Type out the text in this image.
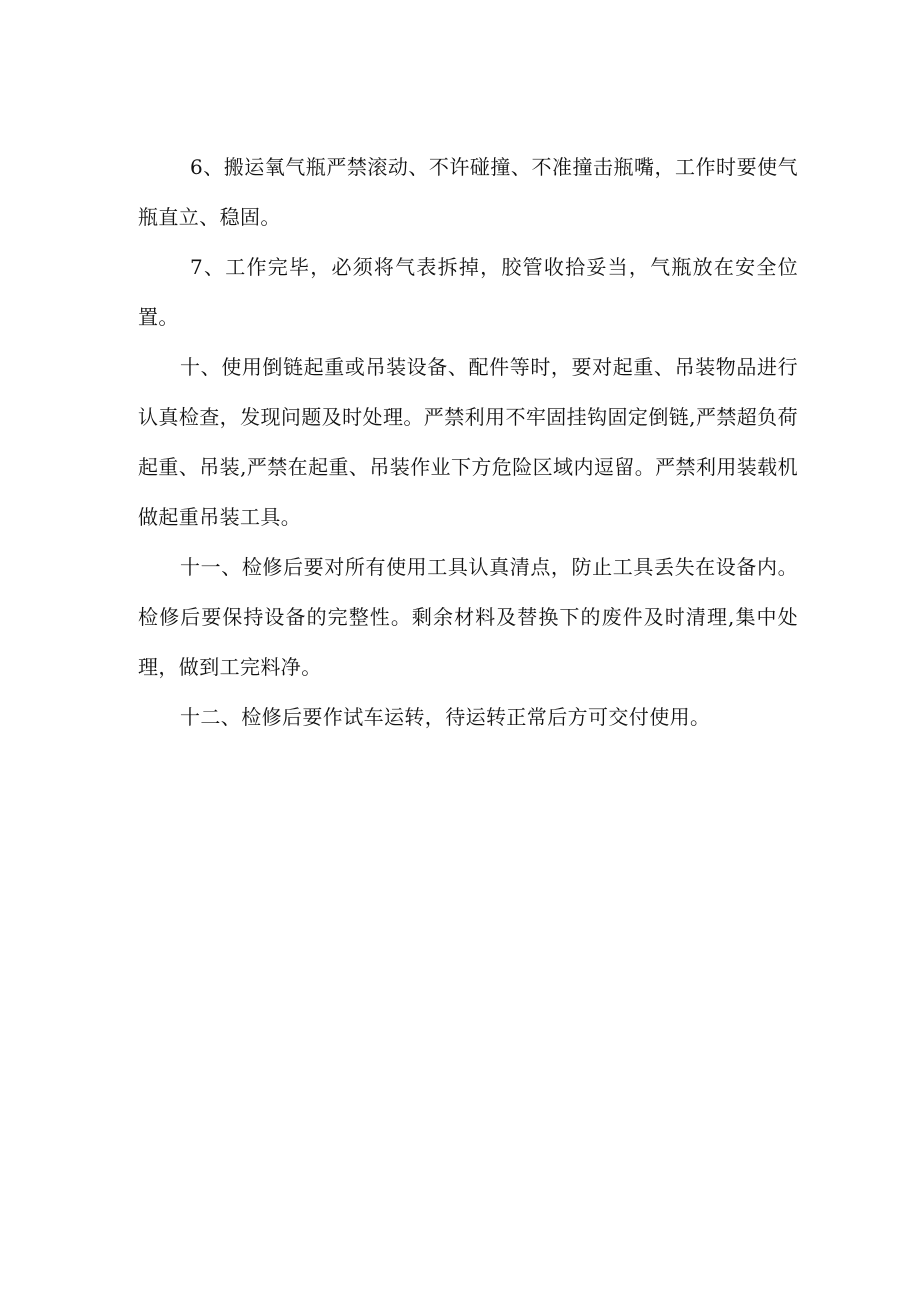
6、搬运氧气瓶严禁滚动、不许碰撞、不准撞击瓶嘴，工作时要使气瓶直立、稳固。

7、工作完毕，必须将气表拆掉，胶管收拾妥当，气瓶放在安全位置。

十、使用倒链起重或吊装设备、配件等时，要对起重、吊装物品进行认真检查，发现问题及时处理。严禁利用不牢固挂钩固定倒链,严禁超负荷起重、吊装,严禁在起重、吊装作业下方危险区域内逗留。严禁利用装载机做起重吊装工具。

十一、检修后要对所有使用工具认真清点，防止工具丢失在设备内。检修后要保持设备的完整性。剩余材料及替换下的废件及时清理,集中处理，做到工完料净。

十二、检修后要作试车运转，待运转正常后方可交付使用。
